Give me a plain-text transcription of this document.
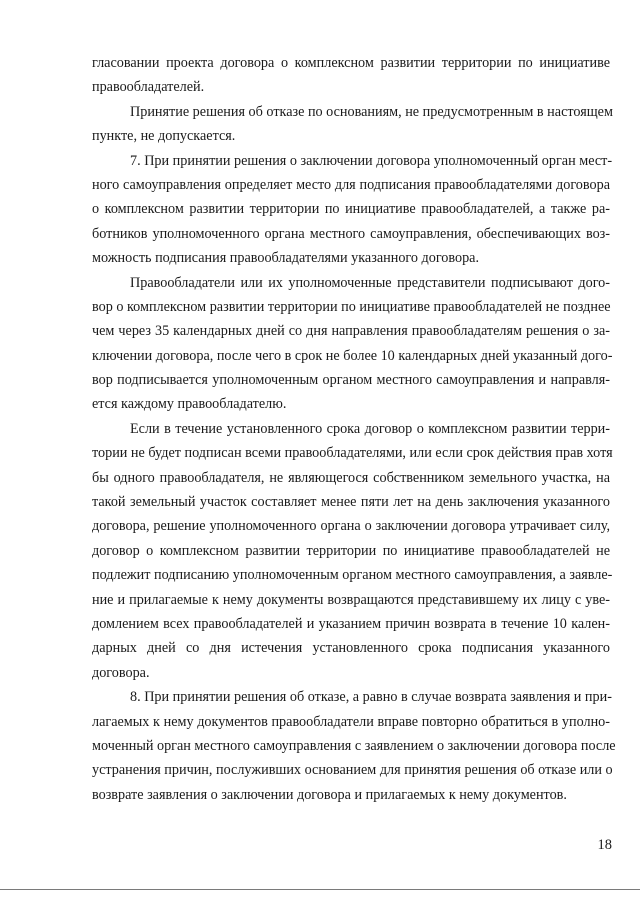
гласовании проекта договора о комплексном развитии территории по инициативе
правообладателей.
Принятие решения об отказе по основаниям, не предусмотренным в настоящем
пункте, не допускается.
7. При принятии решения о заключении договора уполномоченный орган мест-
ного самоуправления определяет место для подписания правообладателями договора
о комплексном развитии территории по инициативе правообладателей, а также ра-
ботников уполномоченного органа местного самоуправления, обеспечивающих воз-
можность подписания правообладателями указанного договора.
Правообладатели или их уполномоченные представители подписывают дого-
вор о комплексном развитии территории по инициативе правообладателей не позднее
чем через 35 календарных дней со дня направления правообладателям решения о за-
ключении договора, после чего в срок не более 10 календарных дней указанный дого-
вор подписывается уполномоченным органом местного самоуправления и направля-
ется каждому правообладателю.
Если в течение установленного срока договор о комплексном развитии терри-
тории не будет подписан всеми правообладателями, или если срок действия прав хотя
бы одного правообладателя, не являющегося собственником земельного участка, на
такой земельный участок составляет менее пяти лет на день заключения указанного
договора, решение уполномоченного органа о заключении договора утрачивает силу,
договор о комплексном развитии территории по инициативе правообладателей не
подлежит подписанию уполномоченным органом местного самоуправления, а заявле-
ние и прилагаемые к нему документы возвращаются представившему их лицу с уве-
домлением всех правообладателей и указанием причин возврата в течение 10 кален-
дарных дней со дня истечения установленного срока подписания указанного
договора.
8. При принятии решения об отказе, а равно в случае возврата заявления и при-
лагаемых к нему документов правообладатели вправе повторно обратиться в уполно-
моченный орган местного самоуправления с заявлением о заключении договора после
устранения причин, послуживших основанием для принятия решения об отказе или о
возврате заявления о заключении договора и прилагаемых к нему документов.
18
